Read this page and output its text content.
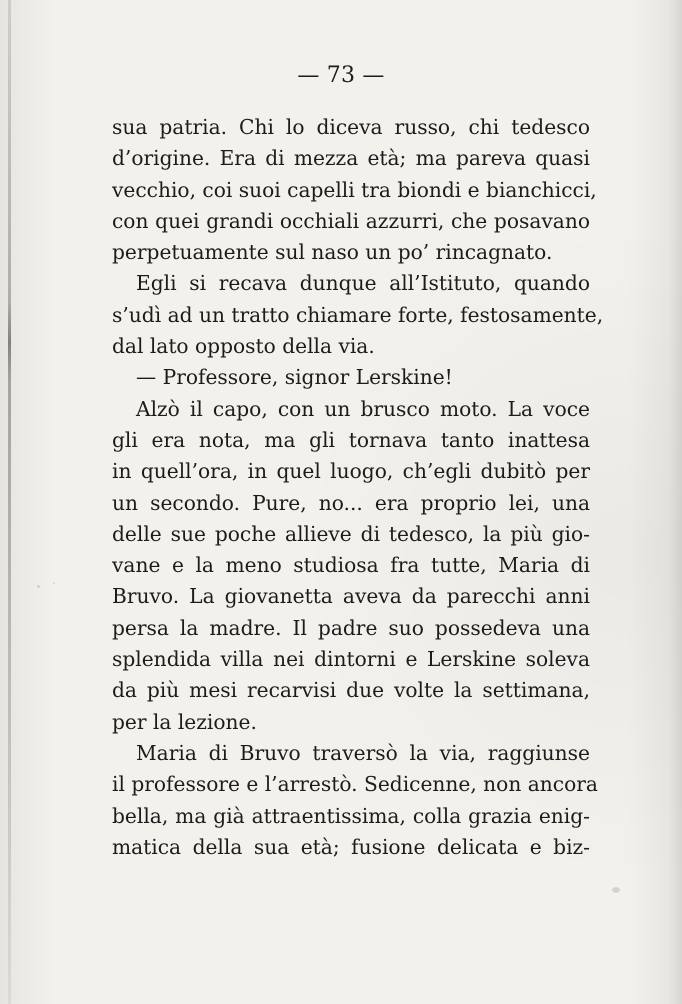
— 73 —
sua patria. Chi lo diceva russo, chi tedesco
d’origine. Era di mezza età; ma pareva quasi
vecchio, coi suoi capelli tra biondi e bianchicci,
con quei grandi occhiali azzurri, che posavano
perpetuamente sul naso un po’ rincagnato.
Egli si recava dunque all’Istituto, quando
s’udì ad un tratto chiamare forte, festosamente,
dal lato opposto della via.
— Professore, signor Lerskine!
Alzò il capo, con un brusco moto. La voce
gli era nota, ma gli tornava tanto inattesa
in quell’ora, in quel luogo, ch’egli dubitò per
un secondo. Pure, no... era proprio lei, una
delle sue poche allieve di tedesco, la più gio-
vane e la meno studiosa fra tutte, Maria di
Bruvo. La giovanetta aveva da parecchi anni
persa la madre. Il padre suo possedeva una
splendida villa nei dintorni e Lerskine soleva
da più mesi recarvisi due volte la settimana,
per la lezione.
Maria di Bruvo traversò la via, raggiunse
il professore e l’arrestò. Sedicenne, non ancora
bella, ma già attraentissima, colla grazia enig-
matica della sua età; fusione delicata e biz-
